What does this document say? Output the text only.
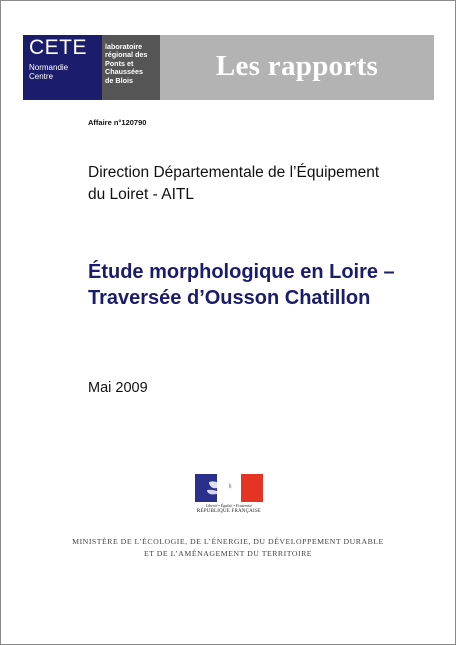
CETE
Normandie
Centre
laboratoire
régional des
Ponts et
Chaussées
de Blois	Les rapports
Affaire n°120790
Direction Départementale de l’Équipement
du Loiret - AITL
Étude morphologique en Loire –
Traversée d’Ousson Chatillon
Mai 2009
Liberté • Égalité • Fraternité
RÉPUBLIQUE FRANÇAISE
MINISTÈRE DE L’ÉCOLOGIE, DE L’ÉNERGIE, DU DÉVELOPPEMENT DURABLE
ET DE L’AMÉNAGEMENT DU TERRITOIRE
